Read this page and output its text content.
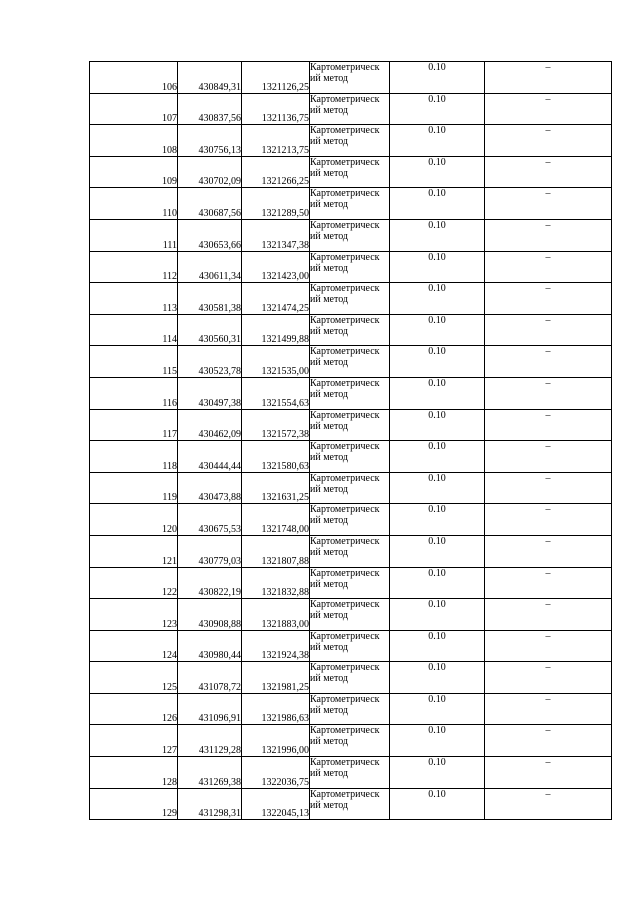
106	430849,31	1321126,25	Картометрическ
ий метод	0.10	–
107	430837,56	1321136,75	Картометрическ
ий метод	0.10	–
108	430756,13	1321213,75	Картометрическ
ий метод	0.10	–
109	430702,09	1321266,25	Картометрическ
ий метод	0.10	–
110	430687,56	1321289,50	Картометрическ
ий метод	0.10	–
111	430653,66	1321347,38	Картометрическ
ий метод	0.10	–
112	430611,34	1321423,00	Картометрическ
ий метод	0.10	–
113	430581,38	1321474,25	Картометрическ
ий метод	0.10	–
114	430560,31	1321499,88	Картометрическ
ий метод	0.10	–
115	430523,78	1321535,00	Картометрическ
ий метод	0.10	–
116	430497,38	1321554,63	Картометрическ
ий метод	0.10	–
117	430462,09	1321572,38	Картометрическ
ий метод	0.10	–
118	430444,44	1321580,63	Картометрическ
ий метод	0.10	–
119	430473,88	1321631,25	Картометрическ
ий метод	0.10	–
120	430675,53	1321748,00	Картометрическ
ий метод	0.10	–
121	430779,03	1321807,88	Картометрическ
ий метод	0.10	–
122	430822,19	1321832,88	Картометрическ
ий метод	0.10	–
123	430908,88	1321883,00	Картометрическ
ий метод	0.10	–
124	430980,44	1321924,38	Картометрическ
ий метод	0.10	–
125	431078,72	1321981,25	Картометрическ
ий метод	0.10	–
126	431096,91	1321986,63	Картометрическ
ий метод	0.10	–
127	431129,28	1321996,00	Картометрическ
ий метод	0.10	–
128	431269,38	1322036,75	Картометрическ
ий метод	0.10	–
129	431298,31	1322045,13	Картометрическ
ий метод	0.10	–
